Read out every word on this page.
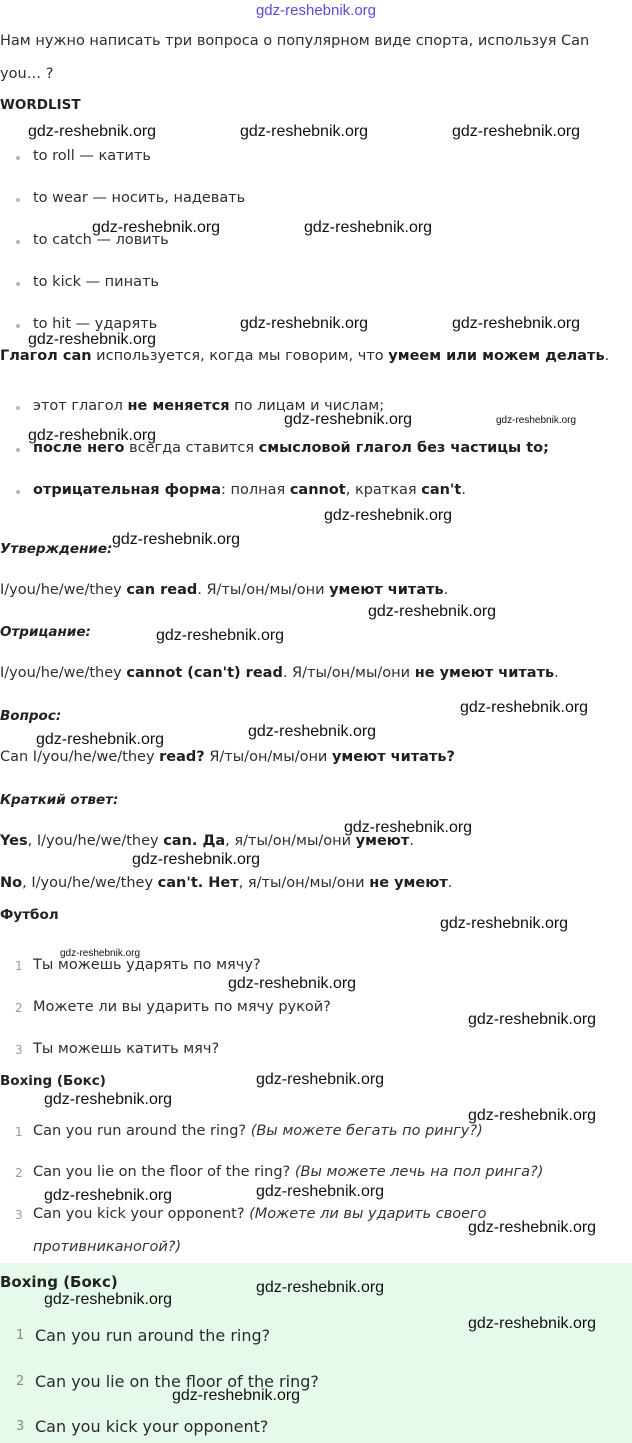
gdz-reshebnik.org
Нам нужно написать три вопроса о популярном виде спорта, используя Can
you… ?
WORDLIST
to roll — катить
to wear — носить, надевать
to catch — ловить
to kick — пинать
to hit — ударять
Глагол can используется, когда мы говорим, что умеем или можем делать.
этот глагол не меняется по лицам и числам;
после него всегда ставится смысловой глагол без частицы to;
отрицательная форма: полная cannot, краткая can't.
Утверждение:
I/you/he/we/they can read. Я/ты/он/мы/они умеют читать.
Отрицание:
I/you/he/we/they cannot (can't) read. Я/ты/он/мы/они не умеют читать.
Вопрос:
Can I/you/he/we/they read? Я/ты/он/мы/они умеют читать?
Краткий ответ:
Yes, I/you/he/we/they can. Да, я/ты/он/мы/они умеют.
No, I/you/he/we/they can't. Нет, я/ты/он/мы/они не умеют.
Футбол
1 Ты можешь ударять по мячу?
2 Можете ли вы ударить по мячу рукой?
3 Ты можешь катить мяч?
Boxing (Бокс)
1 Can you run around the ring? (Вы можете бегать по рингу?)
2 Can you lie on the floor of the ring? (Вы можете лечь на пол ринга?)
3 Can you kick your opponent? (Можете ли вы ударить своего
противниканогой?)
Boxing (Бокс)
1 Can you run around the ring?
2 Can you lie on the floor of the ring?
3 Can you kick your opponent?
gdz-reshebnik.org	gdz-reshebnik.org	gdz-reshebnik.org
gdz-reshebnik.org	gdz-reshebnik.org
gdz-reshebnik.org	gdz-reshebnik.org
gdz-reshebnik.org
gdz-reshebnik.org	gdz-reshebnik.org
gdz-reshebnik.org
gdz-reshebnik.org
gdz-reshebnik.org
gdz-reshebnik.org
gdz-reshebnik.org
gdz-reshebnik.org
gdz-reshebnik.org
gdz-reshebnik.org
gdz-reshebnik.org
gdz-reshebnik.org
gdz-reshebnik.org
gdz-reshebnik.org
gdz-reshebnik.org
gdz-reshebnik.org
gdz-reshebnik.org
gdz-reshebnik.org
gdz-reshebnik.org
gdz-reshebnik.org
gdz-reshebnik.org
gdz-reshebnik.org
gdz-reshebnik.org
gdz-reshebnik.org
gdz-reshebnik.org
gdz-reshebnik.org
